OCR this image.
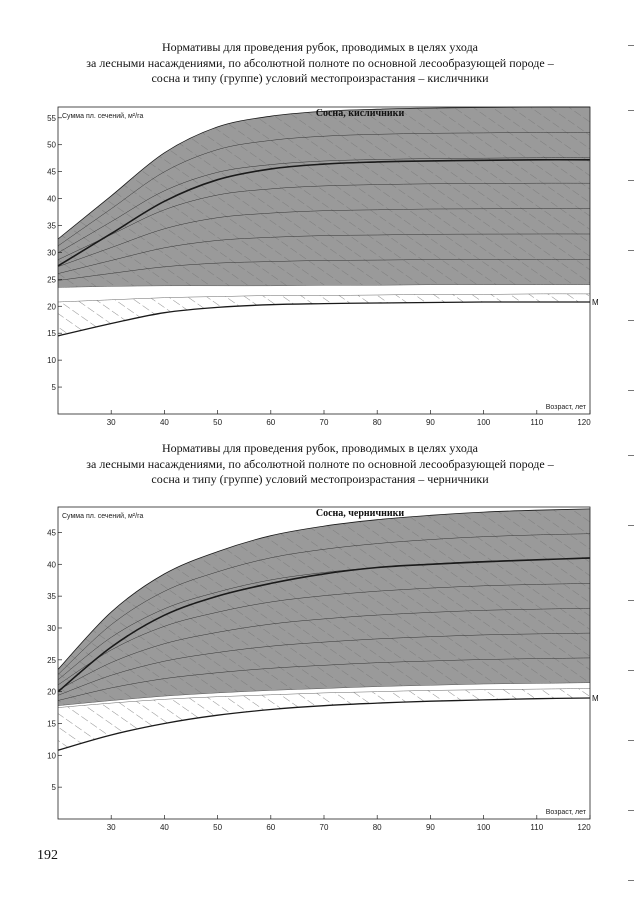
Нормативы для проведения рубок, проводимых в целях ухода
за лесными насаждениями, по абсолютной полноте по основной лесообразующей породе –
сосна и типу (группе) условий местопроизрастания – кисличники
30	40	50	60	70	80	90	100	110	120
5
10
15
20
25
30
35
40
45
50
55	Сосна, кисличники
Сумма пл. сечений, м²/га
Возраст, лет
М
Нормативы для проведения рубок, проводимых в целях ухода
за лесными насаждениями, по абсолютной полноте по основной лесообразующей породе –
сосна и типу (группе) условий местопроизрастания – черничники
30	40	50	60	70	80	90	100	110	120
5
10
15
20
25
30
35
40
45
Сосна, черничники
Сумма пл. сечений, м²/га
Возраст, лет
М
192
